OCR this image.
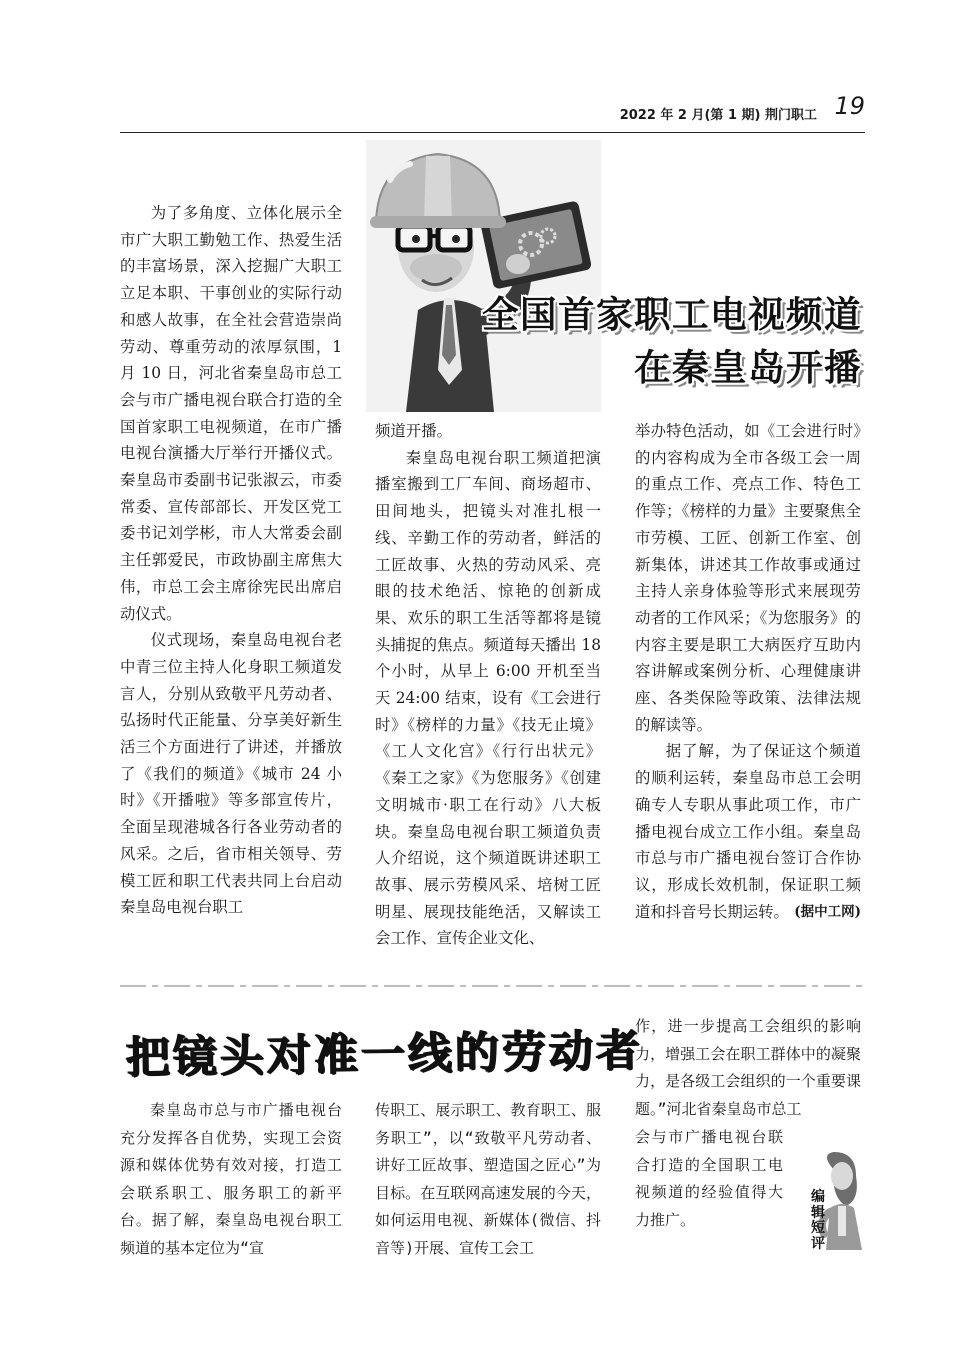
2022 年 2 月(第 1 期) 荆门职工 19
全国首家职工电视频道
在秦皇岛开播

为了多角度、立体化展示全市广大职工勤勉工作、热爱生活的丰富场景，深入挖掘广大职工立足本职、干事创业的实际行动和感人故事，在全社会营造崇尚劳动、尊重劳动的浓厚氛围，1 月 10 日，河北省秦皇岛市总工会与市广播电视台联合打造的全国首家职工电视频道，在市广播电视台演播大厅举行开播仪式。秦皇岛市委副书记张淑云，市委常委、宣传部部长、开发区党工委书记刘学彬，市人大常委会副主任郭爱民，市政协副主席焦大伟，市总工会主席徐宪民出席启动仪式。

仪式现场，秦皇岛电视台老中青三位主持人化身职工频道发言人，分别从致敬平凡劳动者、弘扬时代正能量、分享美好新生活三个方面进行了讲述，并播放了《我们的频道》《城市 24 小时》《开播啦》等多部宣传片，全面呈现港城各行各业劳动者的风采。之后，省市相关领导、劳模工匠和职工代表共同上台启动秦皇岛电视台职工

频道开播。

秦皇岛电视台职工频道把演播室搬到工厂车间、商场超市、田间地头，把镜头对准扎根一线、辛勤工作的劳动者，鲜活的工匠故事、火热的劳动风采、亮眼的技术绝活、惊艳的创新成果、欢乐的职工生活等都将是镜头捕捉的焦点。频道每天播出 18 个小时，从早上 6:00 开机至当天 24:00 结束，设有《工会进行时》《榜样的力量》《技无止境》《工人文化宫》《行行出状元》《秦工之家》《为您服务》《创建文明城市·职工在行动》八大板块。秦皇岛电视台职工频道负责人介绍说，这个频道既讲述职工故事、展示劳模风采、培树工匠明星、展现技能绝活，又解读工会工作、宣传企业文化、

举办特色活动，如《工会进行时》的内容构成为全市各级工会一周的重点工作、亮点工作、特色工作等；《榜样的力量》主要聚焦全市劳模、工匠、创新工作室、创新集体，讲述其工作故事或通过主持人亲身体验等形式来展现劳动者的工作风采；《为您服务》的内容主要是职工大病医疗互助内容讲解或案例分析、心理健康讲座、各类保险等政策、法律法规的解读等。

据了解，为了保证这个频道的顺利运转，秦皇岛市总工会明确专人专职从事此项工作，市广播电视台成立工作小组。秦皇岛市总与市广播电视台签订合作协议，形成长效机制，保证职工频道和抖音号长期运转。 (据中工网)
把镜头对准一线的劳动者

秦皇岛市总与市广播电视台充分发挥各自优势，实现工会资源和媒体优势有效对接，打造工会联系职工、服务职工的新平台。据了解，秦皇岛电视台职工频道的基本定位为“宣

传职工、展示职工、教育职工、服务职工”，以“致敬平凡劳动者、讲好工匠故事、塑造国之匠心”为目标。在互联网高速发展的今天，如何运用电视、新媒体(微信、抖音等)开展、宣传工会工

作，进一步提高工会组织的影响力，增强工会在职工群体中的凝聚力，是各级工会组织的一个重要课题。”河北省秦皇岛市总工

会与市广播电视台联合打造的全国职工电视频道的经验值得大力推广。

编辑短评
